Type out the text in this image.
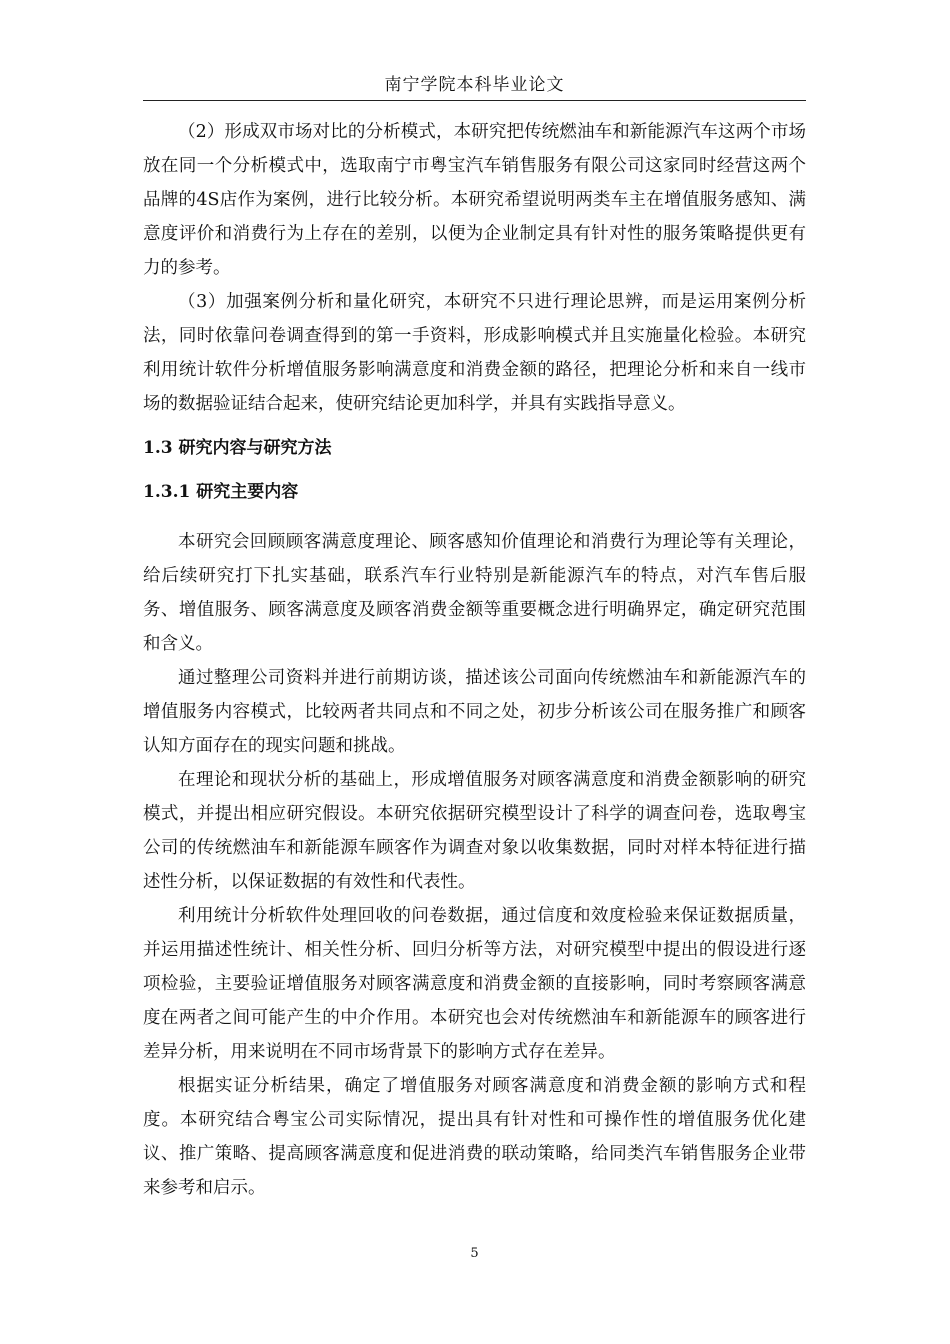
南宁学院本科毕业论文

（2）形成双市场对比的分析模式，本研究把传统燃油车和新能源汽车这两个市场放在同一个分析模式中，选取南宁市粤宝汽车销售服务有限公司这家同时经营这两个品牌的4S店作为案例，进行比较分析。本研究希望说明两类车主在增值服务感知、满意度评价和消费行为上存在的差别，以便为企业制定具有针对性的服务策略提供更有力的参考。

（3）加强案例分析和量化研究，本研究不只进行理论思辨，而是运用案例分析法，同时依靠问卷调查得到的第一手资料，形成影响模式并且实施量化检验。本研究利用统计软件分析增值服务影响满意度和消费金额的路径，把理论分析和来自一线市场的数据验证结合起来，使研究结论更加科学，并具有实践指导意义。

1.3 研究内容与研究方法
1.3.1 研究主要内容

本研究会回顾顾客满意度理论、顾客感知价值理论和消费行为理论等有关理论，给后续研究打下扎实基础，联系汽车行业特别是新能源汽车的特点，对汽车售后服务、增值服务、顾客满意度及顾客消费金额等重要概念进行明确界定，确定研究范围和含义。

通过整理公司资料并进行前期访谈，描述该公司面向传统燃油车和新能源汽车的增值服务内容模式，比较两者共同点和不同之处，初步分析该公司在服务推广和顾客认知方面存在的现实问题和挑战。

在理论和现状分析的基础上，形成增值服务对顾客满意度和消费金额影响的研究模式，并提出相应研究假设。本研究依据研究模型设计了科学的调查问卷，选取粤宝公司的传统燃油车和新能源车顾客作为调查对象以收集数据，同时对样本特征进行描述性分析，以保证数据的有效性和代表性。

利用统计分析软件处理回收的问卷数据，通过信度和效度检验来保证数据质量，并运用描述性统计、相关性分析、回归分析等方法，对研究模型中提出的假设进行逐项检验，主要验证增值服务对顾客满意度和消费金额的直接影响，同时考察顾客满意度在两者之间可能产生的中介作用。本研究也会对传统燃油车和新能源车的顾客进行差异分析，用来说明在不同市场背景下的影响方式存在差异。

根据实证分析结果，确定了增值服务对顾客满意度和消费金额的影响方式和程度。本研究结合粤宝公司实际情况，提出具有针对性和可操作性的增值服务优化建议、推广策略、提高顾客满意度和促进消费的联动策略，给同类汽车销售服务企业带来参考和启示。

5
